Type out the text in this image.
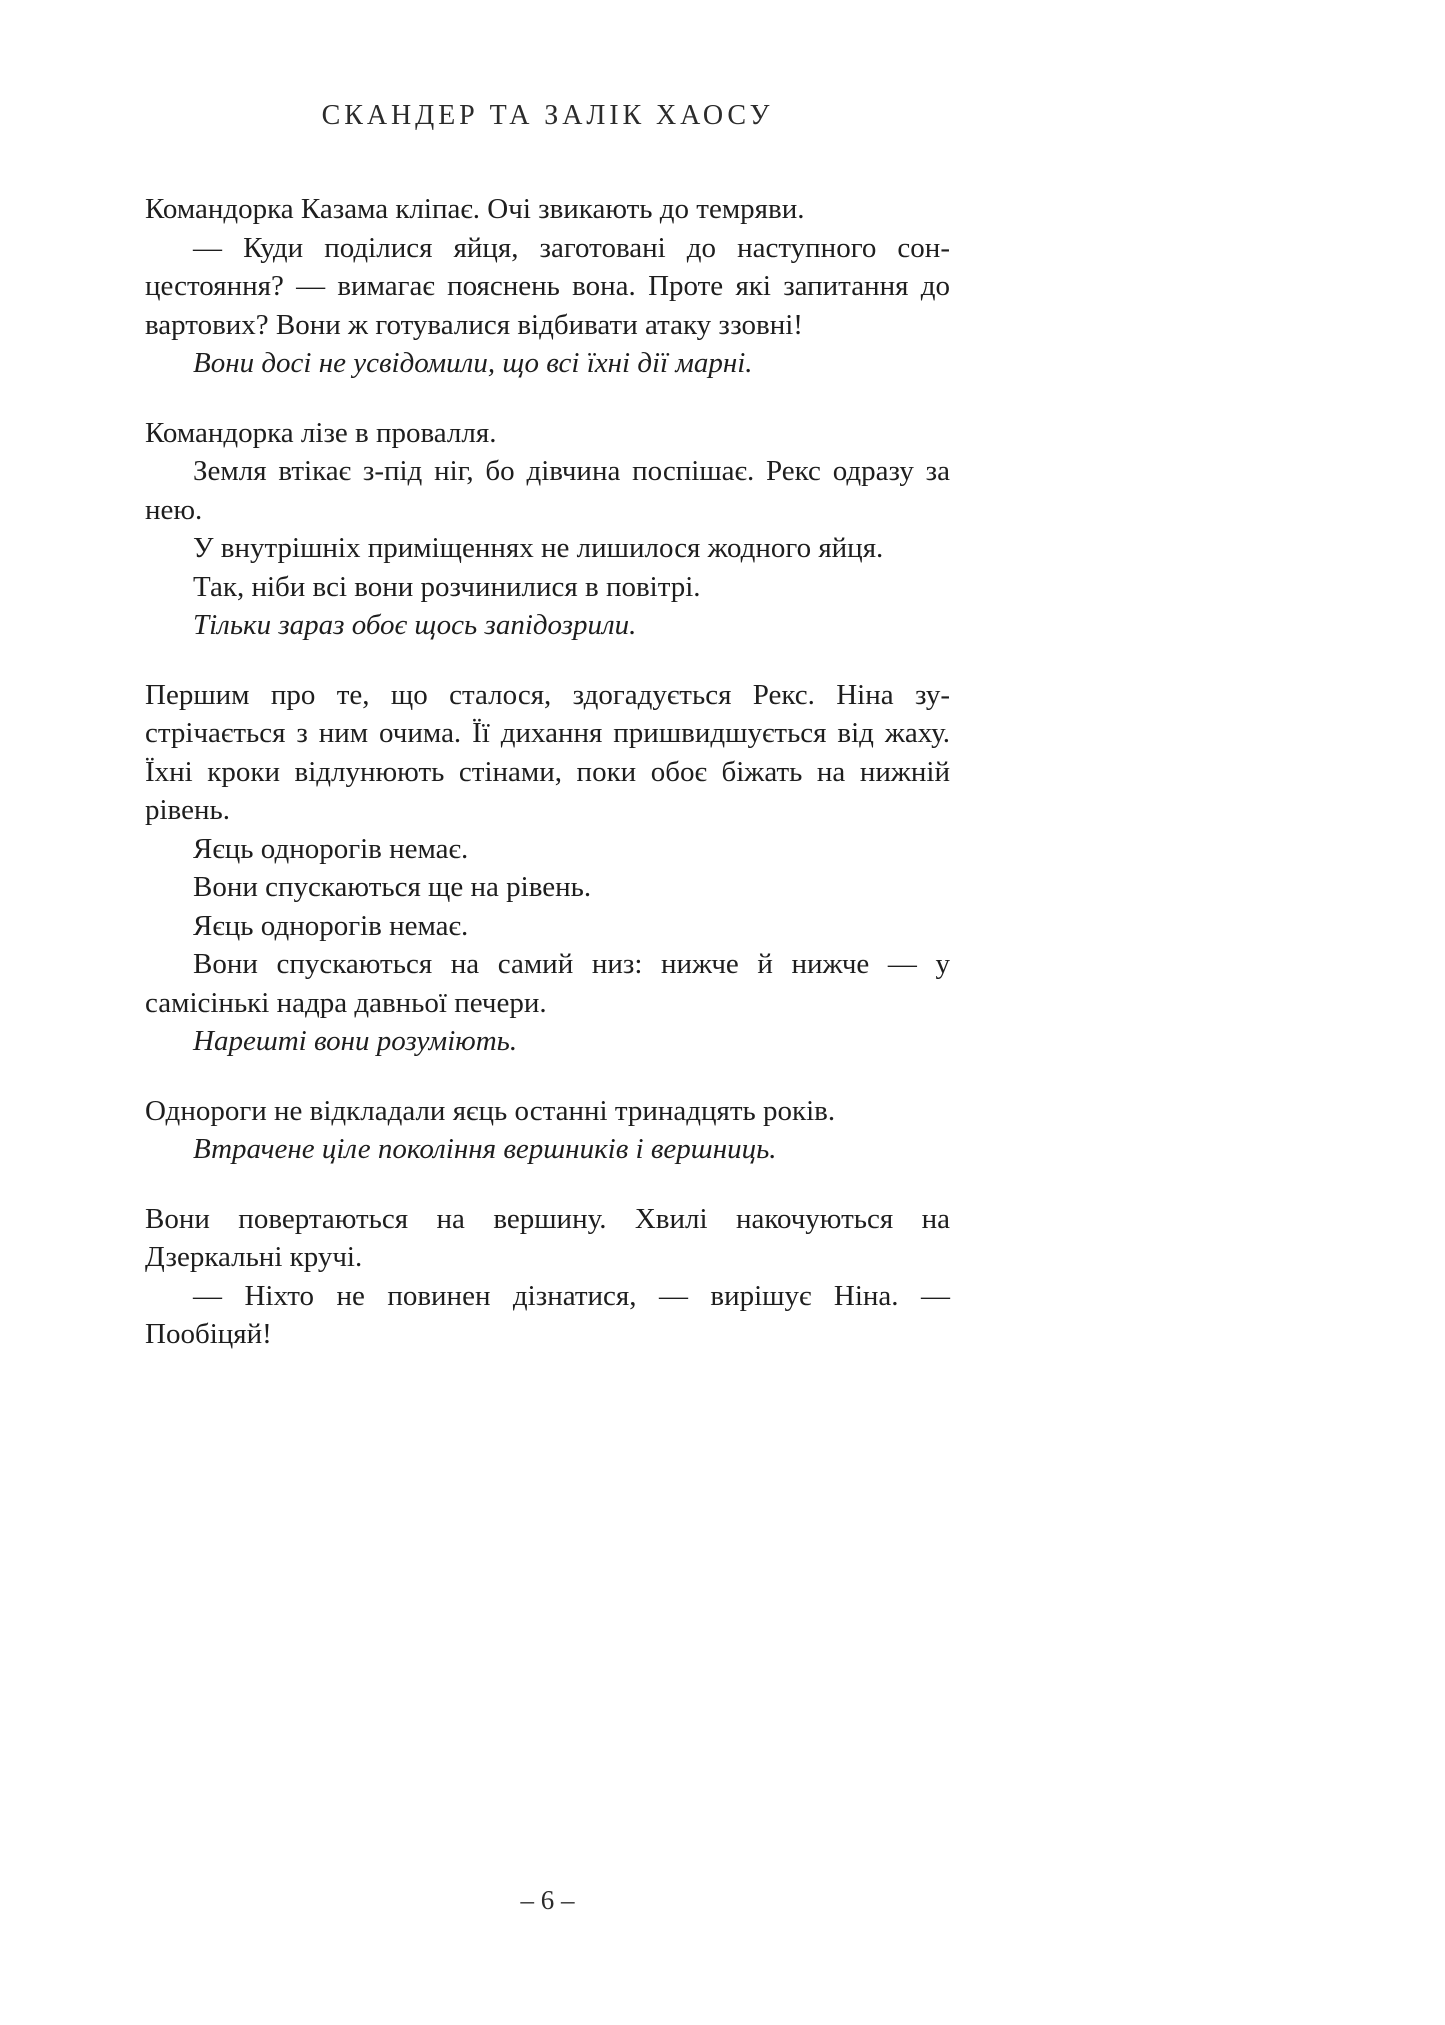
СКАНДЕР ТА ЗАЛІК ХАОСУ

Командорка Казама кліпає. Очі звикають до темряви.

— Куди поділися яйця, заготовані до наступного сонцестояння? — вимагає пояснень вона. Проте які запитання до вартових? Вони ж готувалися відбивати атаку ззовні!

Вони досі не усвідомили, що всі їхні дії марні.

Командорка лізе в провалля.

Земля втікає з-під ніг, бо дівчина поспішає. Рекс одразу за нею.

У внутрішніх приміщеннях не лишилося жодного яйця.

Так, ніби всі вони розчинилися в повітрі.

Тільки зараз обоє щось запідозрили.

Першим про те, що сталося, здогадується Рекс. Ніна зустрічається з ним очима. Її дихання пришвидшується від жаху. Їхні кроки відлунюють стінами, поки обоє біжать на нижній рівень.

Яєць однорогів немає.

Вони спускаються ще на рівень.

Яєць однорогів немає.

Вони спускаються на самий низ: нижче й нижче — у самісінькі надра давньої печери.

Нарешті вони розуміють.

Однороги не відкладали яєць останні тринадцять років.

Втрачене ціле покоління вершників і вершниць.

Вони повертаються на вершину. Хвилі накочуються на Дзеркальні кручі.

— Ніхто не повинен дізнатися, — вирішує Ніна. — Пообіцяй!

– 6 –
